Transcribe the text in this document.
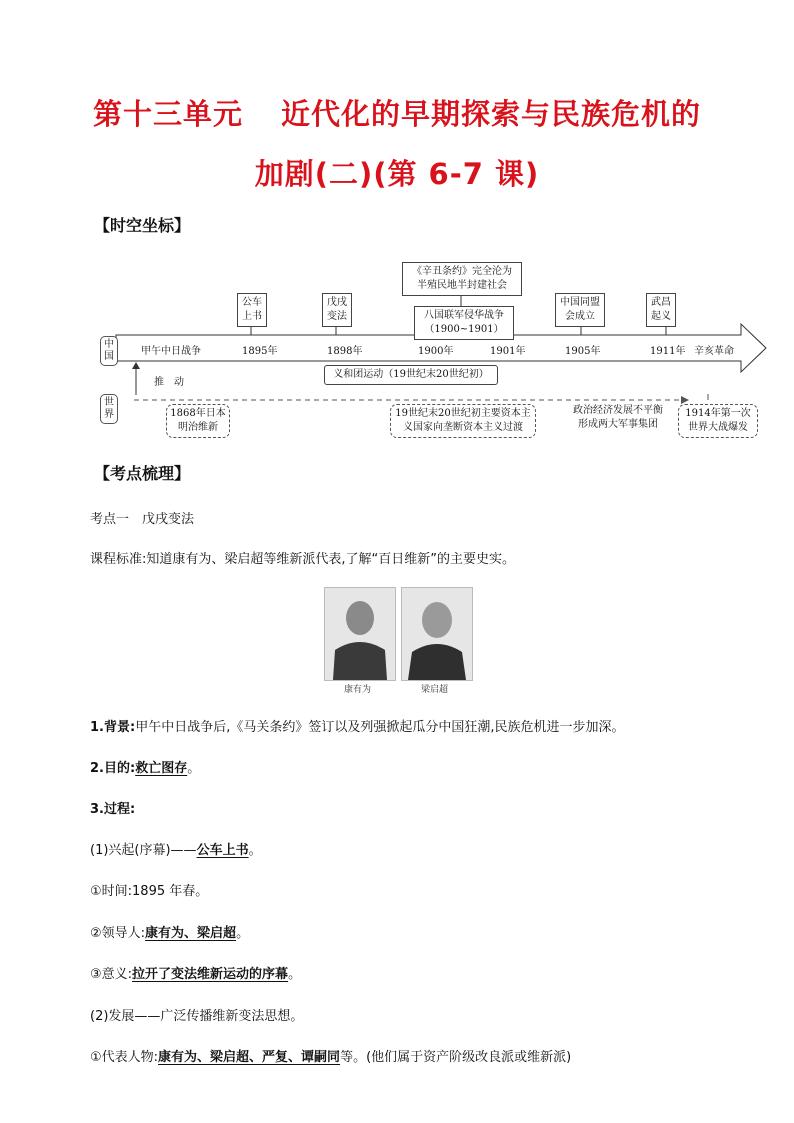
第十三单元 近代化的早期探索与民族危机的
加剧(二)(第 6-7 课)
【时空坐标】
中国
世界
甲午中日战争	1895年	1898年	1900年	1901年	1905年	1911年 辛亥革命
公车上书
戊戌变法	八国联军侵华战争
（1900~1901）
《辛丑条约》完全沦为
半殖民地半封建社会
中国同盟会成立
武昌起义
义和团运动（19世纪末20世纪初）
推　动
1868年日本明治维新
19世纪末20世纪初主要资本主义国家向垄断资本主义过渡
政治经济发展不平衡形成两大军事集团
1914年第一次世界大战爆发
【考点梳理】
考点一　戊戌变法
课程标准:知道康有为、梁启超等维新派代表,了解“百日维新”的主要史实。
康有为	梁启超
1.背景:甲午中日战争后,《马关条约》签订以及列强掀起瓜分中国狂潮,民族危机进一步加深。
2.目的:救亡图存。
3.过程:
(1)兴起(序幕)——公车上书。
①时间:1895 年春。
②领导人:康有为、梁启超。
③意义:拉开了变法维新运动的序幕。
(2)发展——广泛传播维新变法思想。
①代表人物:康有为、梁启超、严复、谭嗣同等。(他们属于资产阶级改良派或维新派)
